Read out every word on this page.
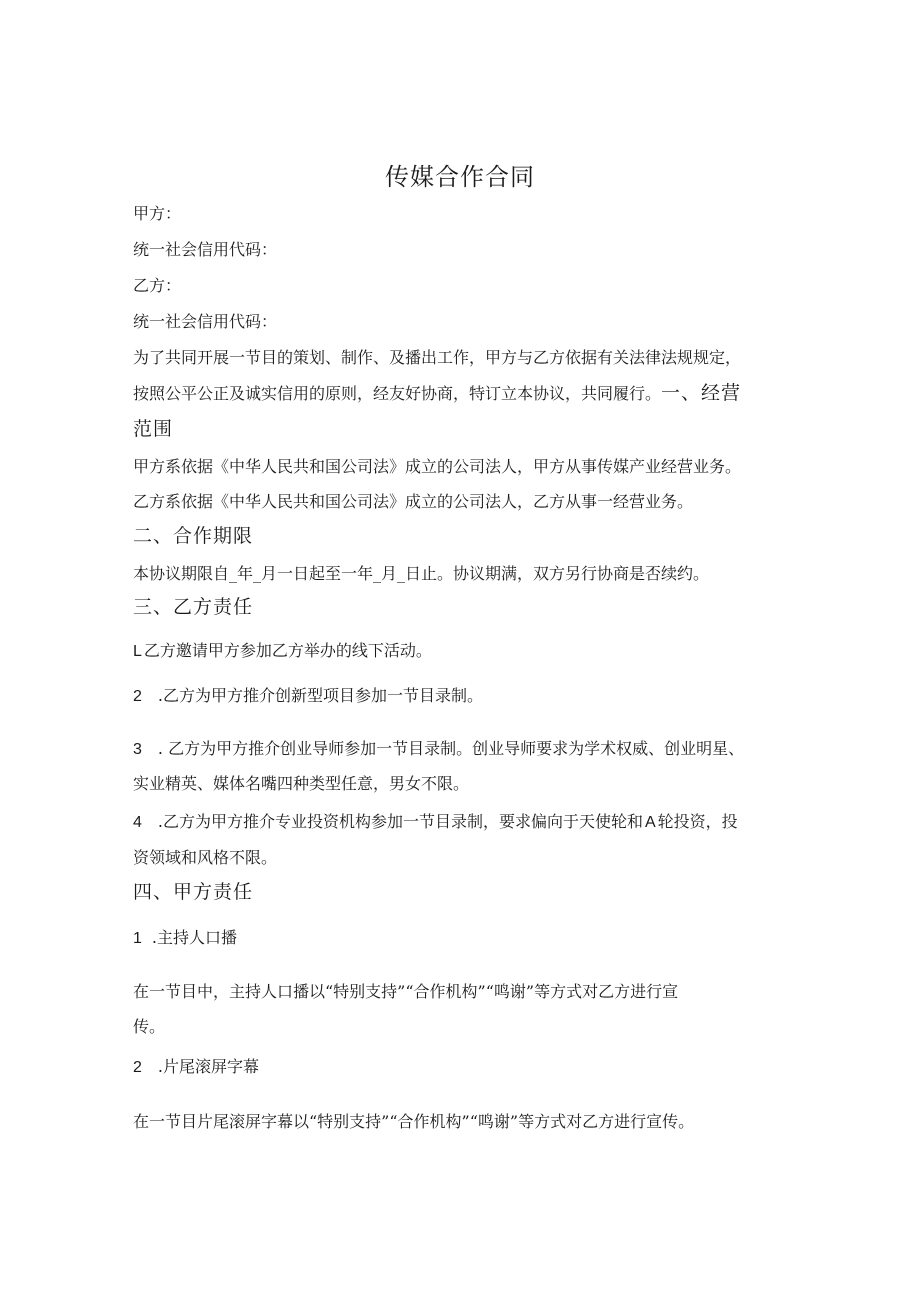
传媒合作合同
甲方：
统一社会信用代码：
乙方：
统一社会信用代码：
为了共同开展一节目的策划、制作、及播出工作，甲方与乙方依据有关法律法规规定，
按照公平公正及诚实信用的原则，经友好协商，特订立本协议，共同履行。一、经营
范围
甲方系依据《中华人民共和国公司法》成立的公司法人，甲方从事传媒产业经营业务。
乙方系依据《中华人民共和国公司法》成立的公司法人，乙方从事一经营业务。
二、合作期限
本协议期限自_年_月一日起至一年_月_日止。协议期满，双方另行协商是否续约。
三、乙方责任
L 乙方邀请甲方参加乙方举办的线下活动。
2 .乙方为甲方推介创新型项目参加一节目录制。
3 . 乙方为甲方推介创业导师参加一节目录制。创业导师要求为学术权威、创业明星、
实业精英、媒体名嘴四种类型任意，男女不限。
4 .乙方为甲方推介专业投资机构参加一节目录制，要求偏向于天使轮和 A 轮投资，投
资领域和风格不限。
四、甲方责任
1 .主持人口播
在一节目中，主持人口播以“特别支持”“合作机构”“鸣谢”等方式对乙方进行宣
传。
2 .片尾滚屏字幕
在一节目片尾滚屏字幕以“特别支持”“合作机构”“鸣谢”等方式对乙方进行宣传。
